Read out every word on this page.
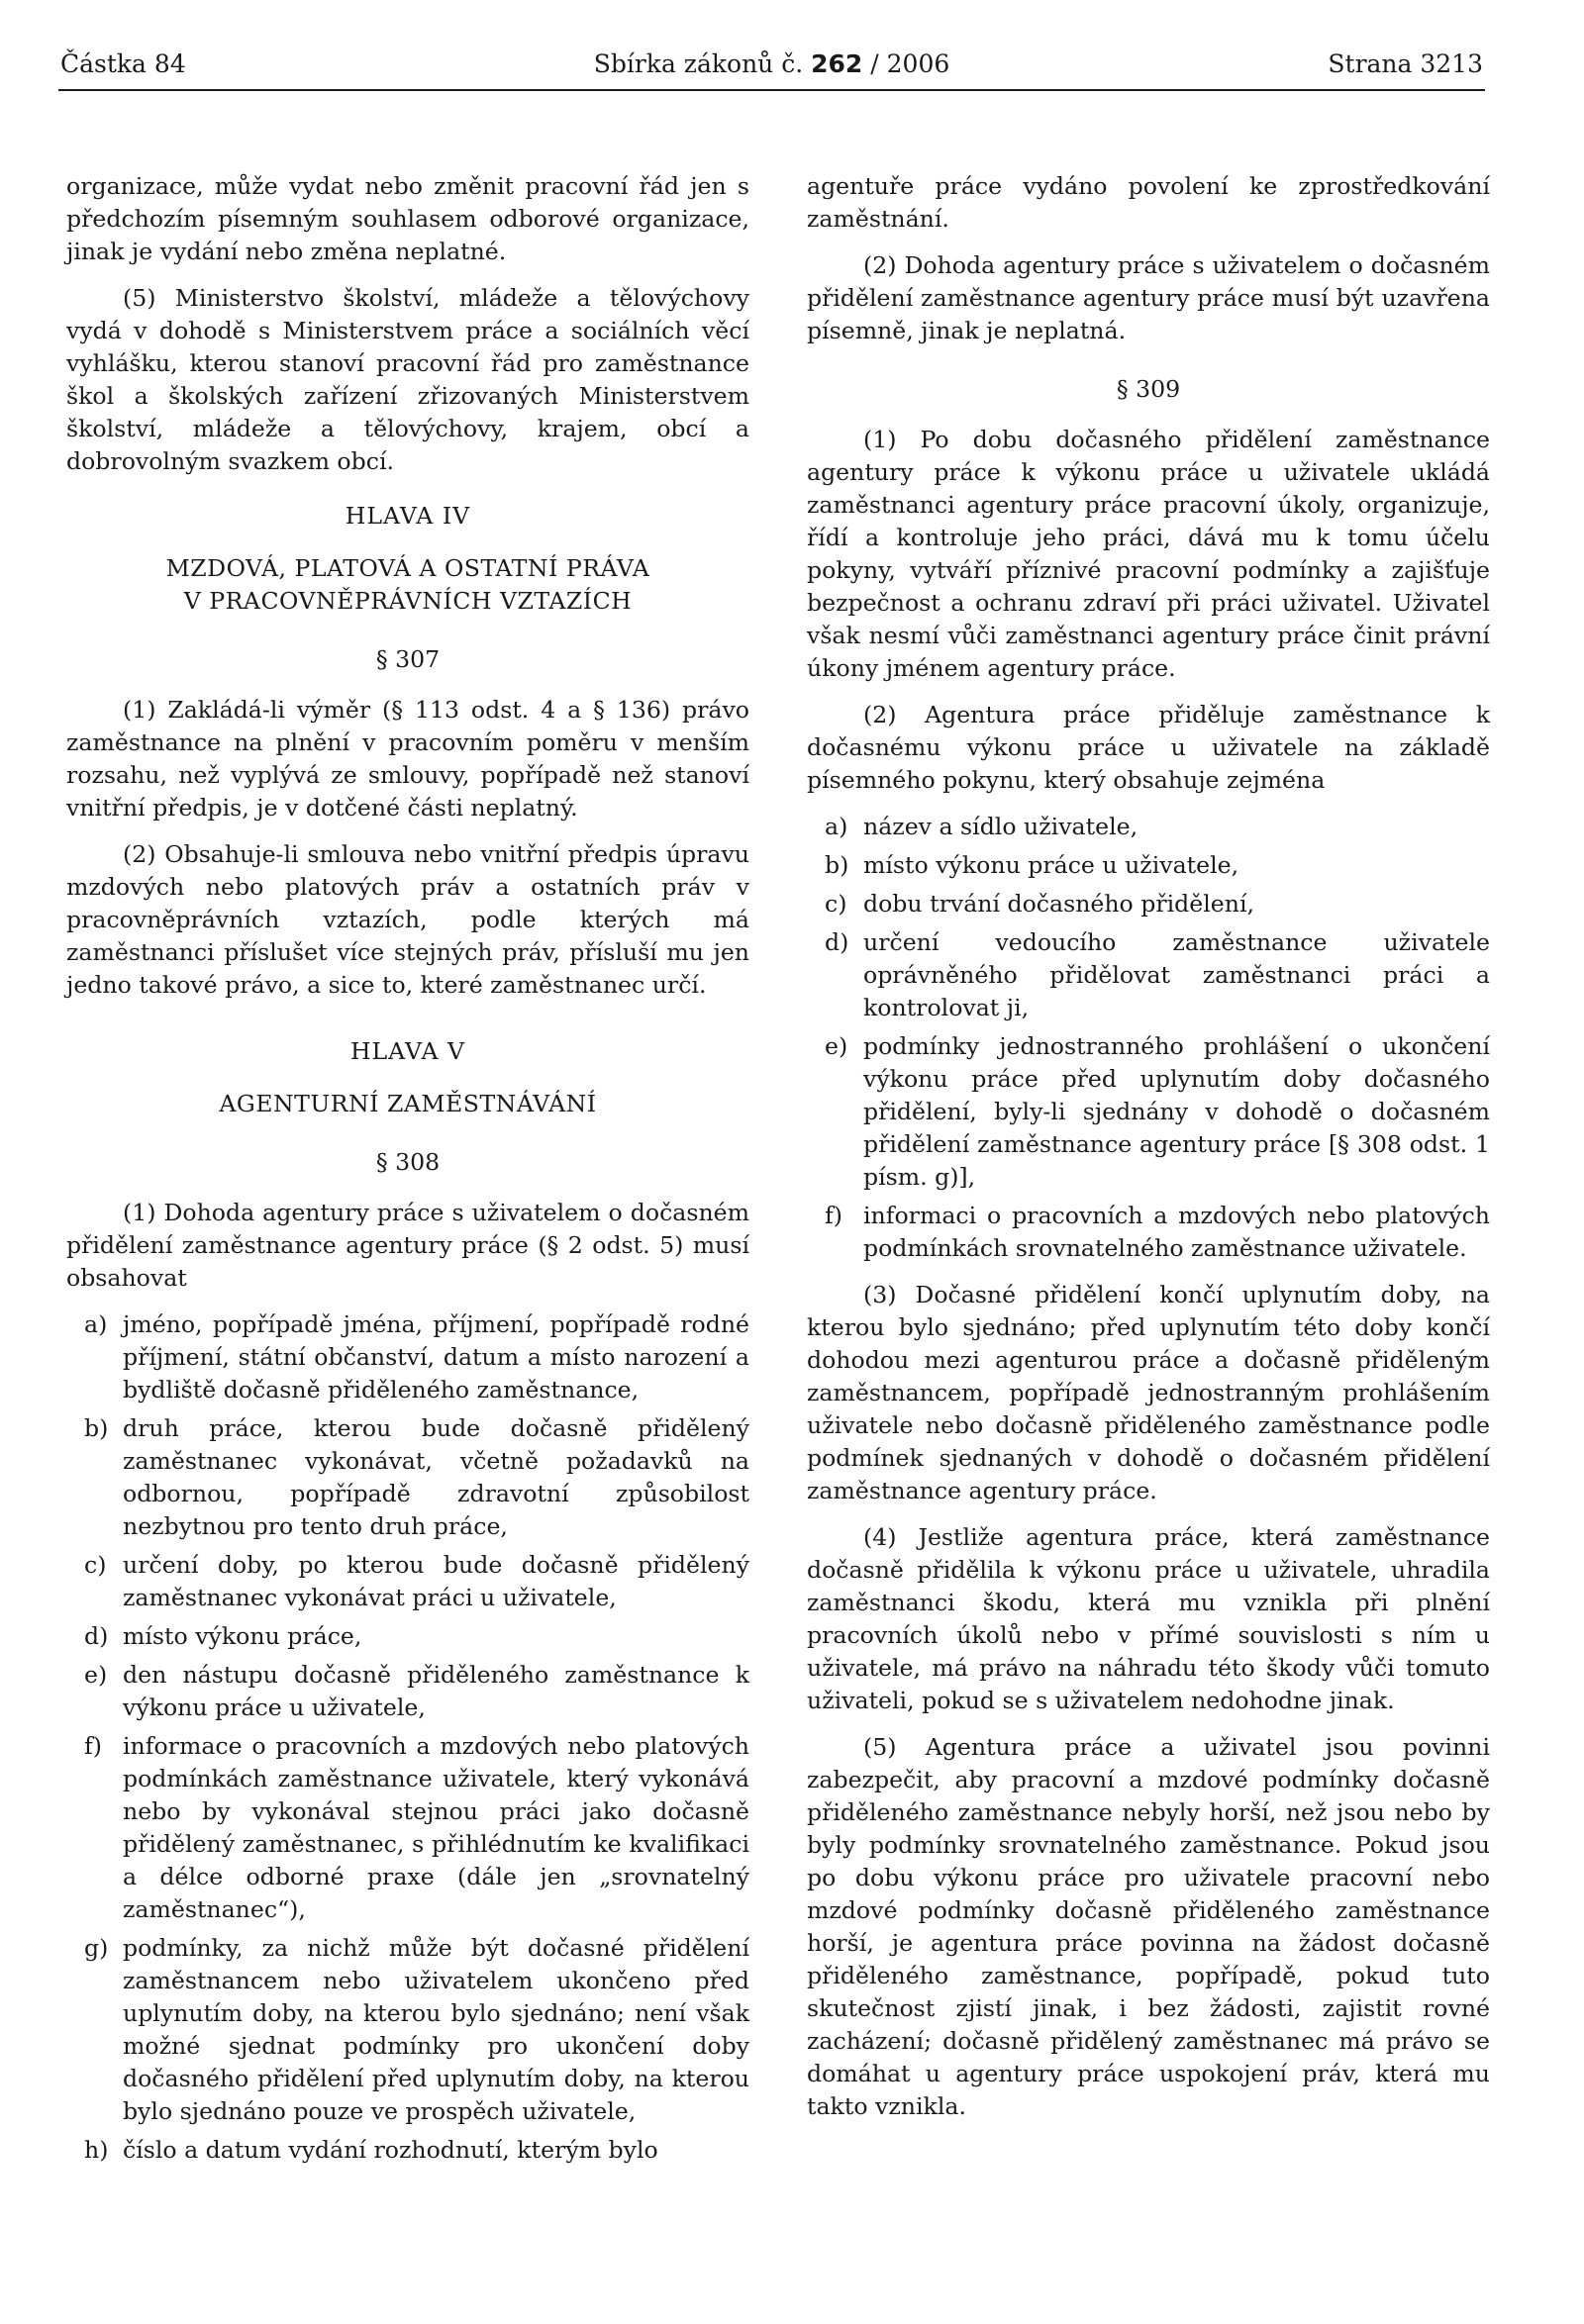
Částka 84	Sbírka zákonů č. 262 / 2006	Strana 3213

organizace, může vydat nebo změnit pracovní řád jen s předchozím písemným souhlasem odborové organizace, jinak je vydání nebo změna neplatné.

(5) Ministerstvo školství, mládeže a tělovýchovy vydá v dohodě s Ministerstvem práce a sociálních věcí vyhlášku, kterou stanoví pracovní řád pro zaměstnance škol a školských zařízení zřizovaných Ministerstvem školství, mládeže a tělovýchovy, krajem, obcí a dobrovolným svazkem obcí.

HLAVA IV
MZDOVÁ, PLATOVÁ A OSTATNÍ PRÁVA
V PRACOVNĚPRÁVNÍCH VZTAZÍCH
§ 307

(1) Zakládá-li výměr (§ 113 odst. 4 a § 136) právo zaměstnance na plnění v pracovním poměru v menším rozsahu, než vyplývá ze smlouvy, popřípadě než stanoví vnitřní předpis, je v dotčené části neplatný.

(2) Obsahuje-li smlouva nebo vnitřní předpis úpravu mzdových nebo platových práv a ostatních práv v pracovněprávních vztazích, podle kterých má zaměstnanci příslušet více stejných práv, přísluší mu jen jedno takové právo, a sice to, které zaměstnanec určí.

HLAVA V
AGENTURNÍ ZAMĚSTNÁVÁNÍ
§ 308

(1) Dohoda agentury práce s uživatelem o dočasném přidělení zaměstnance agentury práce (§ 2 odst. 5) musí obsahovat

a) jméno, popřípadě jména, příjmení, popřípadě rodné příjmení, státní občanství, datum a místo narození a bydliště dočasně přiděleného zaměstnance,
b) druh práce, kterou bude dočasně přidělený zaměstnanec vykonávat, včetně požadavků na odbornou, popřípadě zdravotní způsobilost nezbytnou pro tento druh práce,
c) určení doby, po kterou bude dočasně přidělený zaměstnanec vykonávat práci u uživatele,
d) místo výkonu práce,
e) den nástupu dočasně přiděleného zaměstnance k výkonu práce u uživatele,
f) informace o pracovních a mzdových nebo platových podmínkách zaměstnance uživatele, který vykonává nebo by vykonával stejnou práci jako dočasně přidělený zaměstnanec, s přihlédnutím ke kvalifikaci a délce odborné praxe (dále jen „srovnatelný zaměstnanec“),
g) podmínky, za nichž může být dočasné přidělení zaměstnancem nebo uživatelem ukončeno před uplynutím doby, na kterou bylo sjednáno; není však možné sjednat podmínky pro ukončení doby dočasného přidělení před uplynutím doby, na kterou bylo sjednáno pouze ve prospěch uživatele,
h) číslo a datum vydání rozhodnutí, kterým bylo

agentuře práce vydáno povolení ke zprostředkování zaměstnání.

(2) Dohoda agentury práce s uživatelem o dočasném přidělení zaměstnance agentury práce musí být uzavřena písemně, jinak je neplatná.

§ 309

(1) Po dobu dočasného přidělení zaměstnance agentury práce k výkonu práce u uživatele ukládá zaměstnanci agentury práce pracovní úkoly, organizuje, řídí a kontroluje jeho práci, dává mu k tomu účelu pokyny, vytváří příznivé pracovní podmínky a zajišťuje bezpečnost a ochranu zdraví při práci uživatel. Uživatel však nesmí vůči zaměstnanci agentury práce činit právní úkony jménem agentury práce.

(2) Agentura práce přiděluje zaměstnance k dočasnému výkonu práce u uživatele na základě písemného pokynu, který obsahuje zejména

a) název a sídlo uživatele,
b) místo výkonu práce u uživatele,
c) dobu trvání dočasného přidělení,
d) určení vedoucího zaměstnance uživatele oprávněného přidělovat zaměstnanci práci a kontrolovat ji,
e) podmínky jednostranného prohlášení o ukončení výkonu práce před uplynutím doby dočasného přidělení, byly-li sjednány v dohodě o dočasném přidělení zaměstnance agentury práce [§ 308 odst. 1 písm. g)],
f) informaci o pracovních a mzdových nebo platových podmínkách srovnatelného zaměstnance uživatele.

(3) Dočasné přidělení končí uplynutím doby, na kterou bylo sjednáno; před uplynutím této doby končí dohodou mezi agenturou práce a dočasně přiděleným zaměstnancem, popřípadě jednostranným prohlášením uživatele nebo dočasně přiděleného zaměstnance podle podmínek sjednaných v dohodě o dočasném přidělení zaměstnance agentury práce.

(4) Jestliže agentura práce, která zaměstnance dočasně přidělila k výkonu práce u uživatele, uhradila zaměstnanci škodu, která mu vznikla při plnění pracovních úkolů nebo v přímé souvislosti s ním u uživatele, má právo na náhradu této škody vůči tomuto uživateli, pokud se s uživatelem nedohodne jinak.

(5) Agentura práce a uživatel jsou povinni zabezpečit, aby pracovní a mzdové podmínky dočasně přiděleného zaměstnance nebyly horší, než jsou nebo by byly podmínky srovnatelného zaměstnance. Pokud jsou po dobu výkonu práce pro uživatele pracovní nebo mzdové podmínky dočasně přiděleného zaměstnance horší, je agentura práce povinna na žádost dočasně přiděleného zaměstnance, popřípadě, pokud tuto skutečnost zjistí jinak, i bez žádosti, zajistit rovné zacházení; dočasně přidělený zaměstnanec má právo se domáhat u agentury práce uspokojení práv, která mu takto vznikla.
